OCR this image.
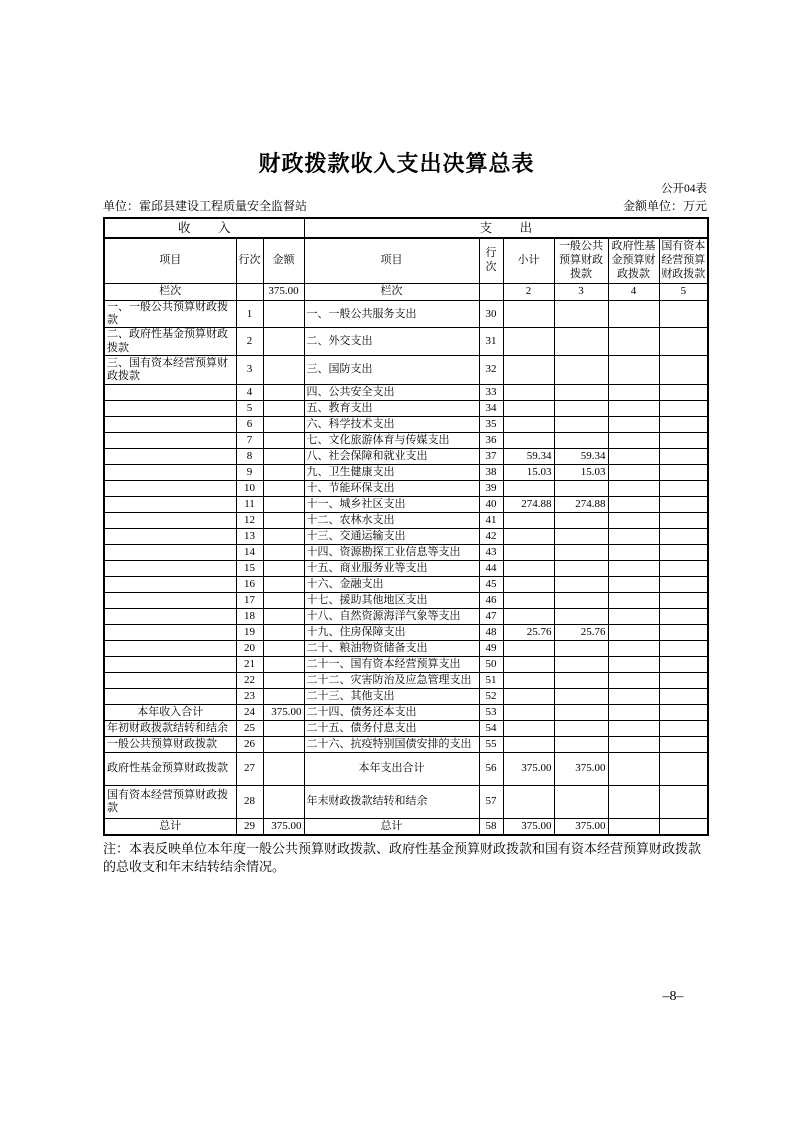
财政拨款收入支出决算总表
公开04表
单位：霍邱县建设工程质量安全监督站	金额单位：万元
收入			支出					
项目	行次	金额	项目	行次	小计	一般公共预算财政拨款	政府性基金预算财政拨款	国有资本经营预算财政拨款
栏次		375.00	栏次		2	3	4	5
一、一般公共预算财政拨款	1		一、一般公共服务支出	30				
二、政府性基金预算财政拨款	2		二、外交支出	31				
三、国有资本经营预算财政拨款	3		三、国防支出	32				
	4		四、公共安全支出	33				
	5		五、教育支出	34				
	6		六、科学技术支出	35				
	7		七、文化旅游体育与传媒支出	36				
	8		八、社会保障和就业支出	37	59.34	59.34		
	9		九、卫生健康支出	38	15.03	15.03		
	10		十、节能环保支出	39				
	11		十一、城乡社区支出	40	274.88	274.88		
	12		十二、农林水支出	41				
	13		十三、交通运输支出	42				
	14		十四、资源勘探工业信息等支出	43				
	15		十五、商业服务业等支出	44				
	16		十六、金融支出	45				
	17		十七、援助其他地区支出	46				
	18		十八、自然资源海洋气象等支出	47				
	19		十九、住房保障支出	48	25.76	25.76		
	20		二十、粮油物资储备支出	49				
	21		二十一、国有资本经营预算支出	50				
	22		二十二、灾害防治及应急管理支出	51				
	23		二十三、其他支出	52				
本年收入合计	24	375.00	二十四、债务还本支出	53				
年初财政拨款结转和结余	25		二十五、债务付息支出	54				
一般公共预算财政拨款	26		二十六、抗疫特别国债安排的支出	55				
政府性基金预算财政拨款	27		本年支出合计	56	375.00	375.00		
国有资本经营预算财政拨款	28		年末财政拨款结转和结余	57				
总计	29	375.00	总计	58	375.00	375.00		

注：本表反映单位本年度一般公共预算财政拨款、政府性基金预算财政拨款和国有资本经营预算财政拨款的总收支和年末结转结余情况。

–8–
